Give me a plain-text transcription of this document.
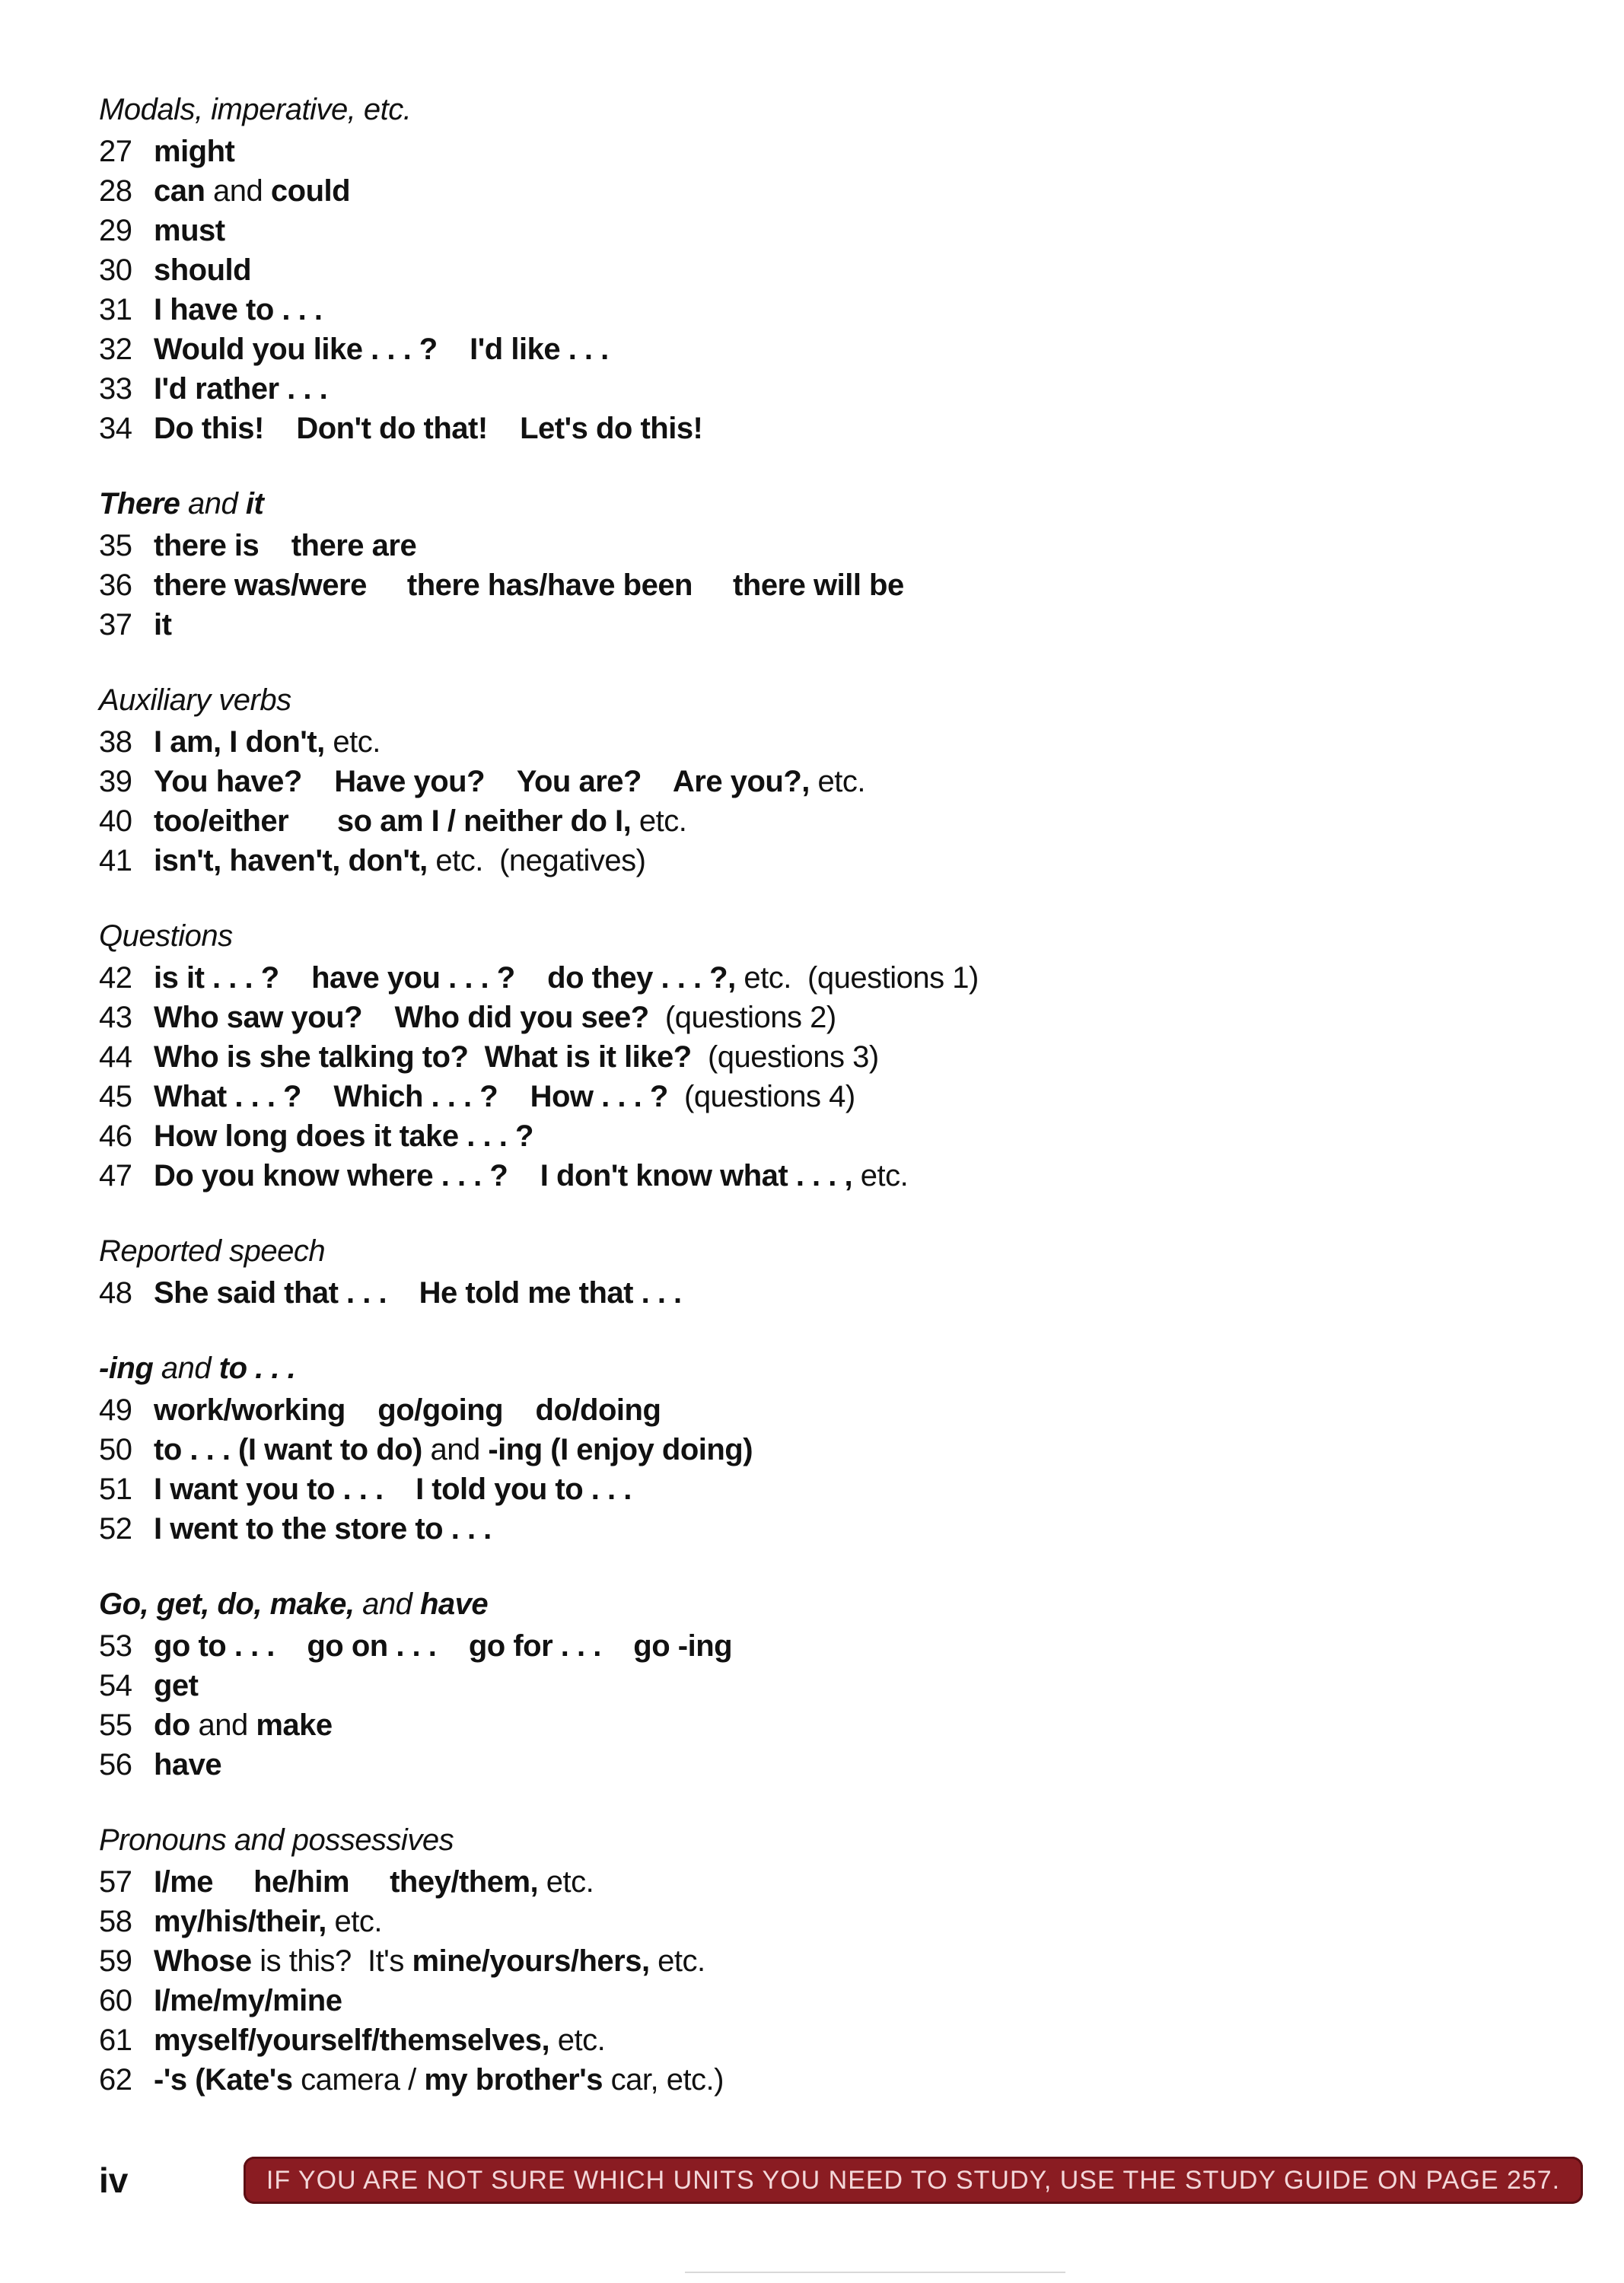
Modals, imperative, etc.
27 might
28 can and could
29 must
30 should
31 I have to . . .
32 Would you like . . . ?    I'd like . . .
33 I'd rather . . .
34 Do this!    Don't do that!    Let's do this!
There and it
35 there is    there are
36 there was/were     there has/have been     there will be
37 it
Auxiliary verbs
38 I am, I don't, etc.
39 You have?    Have you?    You are?    Are you?, etc.
40 too/either      so am I / neither do I, etc.
41 isn't, haven't, don't, etc.  (negatives)
Questions
42 is it . . . ?    have you . . . ?    do they . . . ?, etc.  (questions 1)
43 Who saw you?    Who did you see?  (questions 2)
44 Who is she talking to?  What is it like?  (questions 3)
45 What . . . ?    Which . . . ?    How . . . ?  (questions 4)
46 How long does it take . . . ?
47 Do you know where . . . ?    I don't know what . . . , etc.
Reported speech
48 She said that . . .    He told me that . . .
-ing and to . . .
49 work/working    go/going    do/doing
50 to . . . (I want to do) and -ing (I enjoy doing)
51 I want you to . . .    I told you to . . .
52 I went to the store to . . .
Go, get, do, make, and have
53 go to . . .    go on . . .    go for . . .    go -ing
54 get
55 do and make
56 have
Pronouns and possessives
57 I/me     he/him     they/them, etc.
58 my/his/their, etc.
59 Whose is this?  It's mine/yours/hers, etc.
60 I/me/my/mine
61 myself/yourself/themselves, etc.
62 -'s (Kate's camera / my brother's car, etc.)
iv	IF YOU ARE NOT SURE WHICH UNITS YOU NEED TO STUDY, USE THE STUDY GUIDE ON PAGE 257.
